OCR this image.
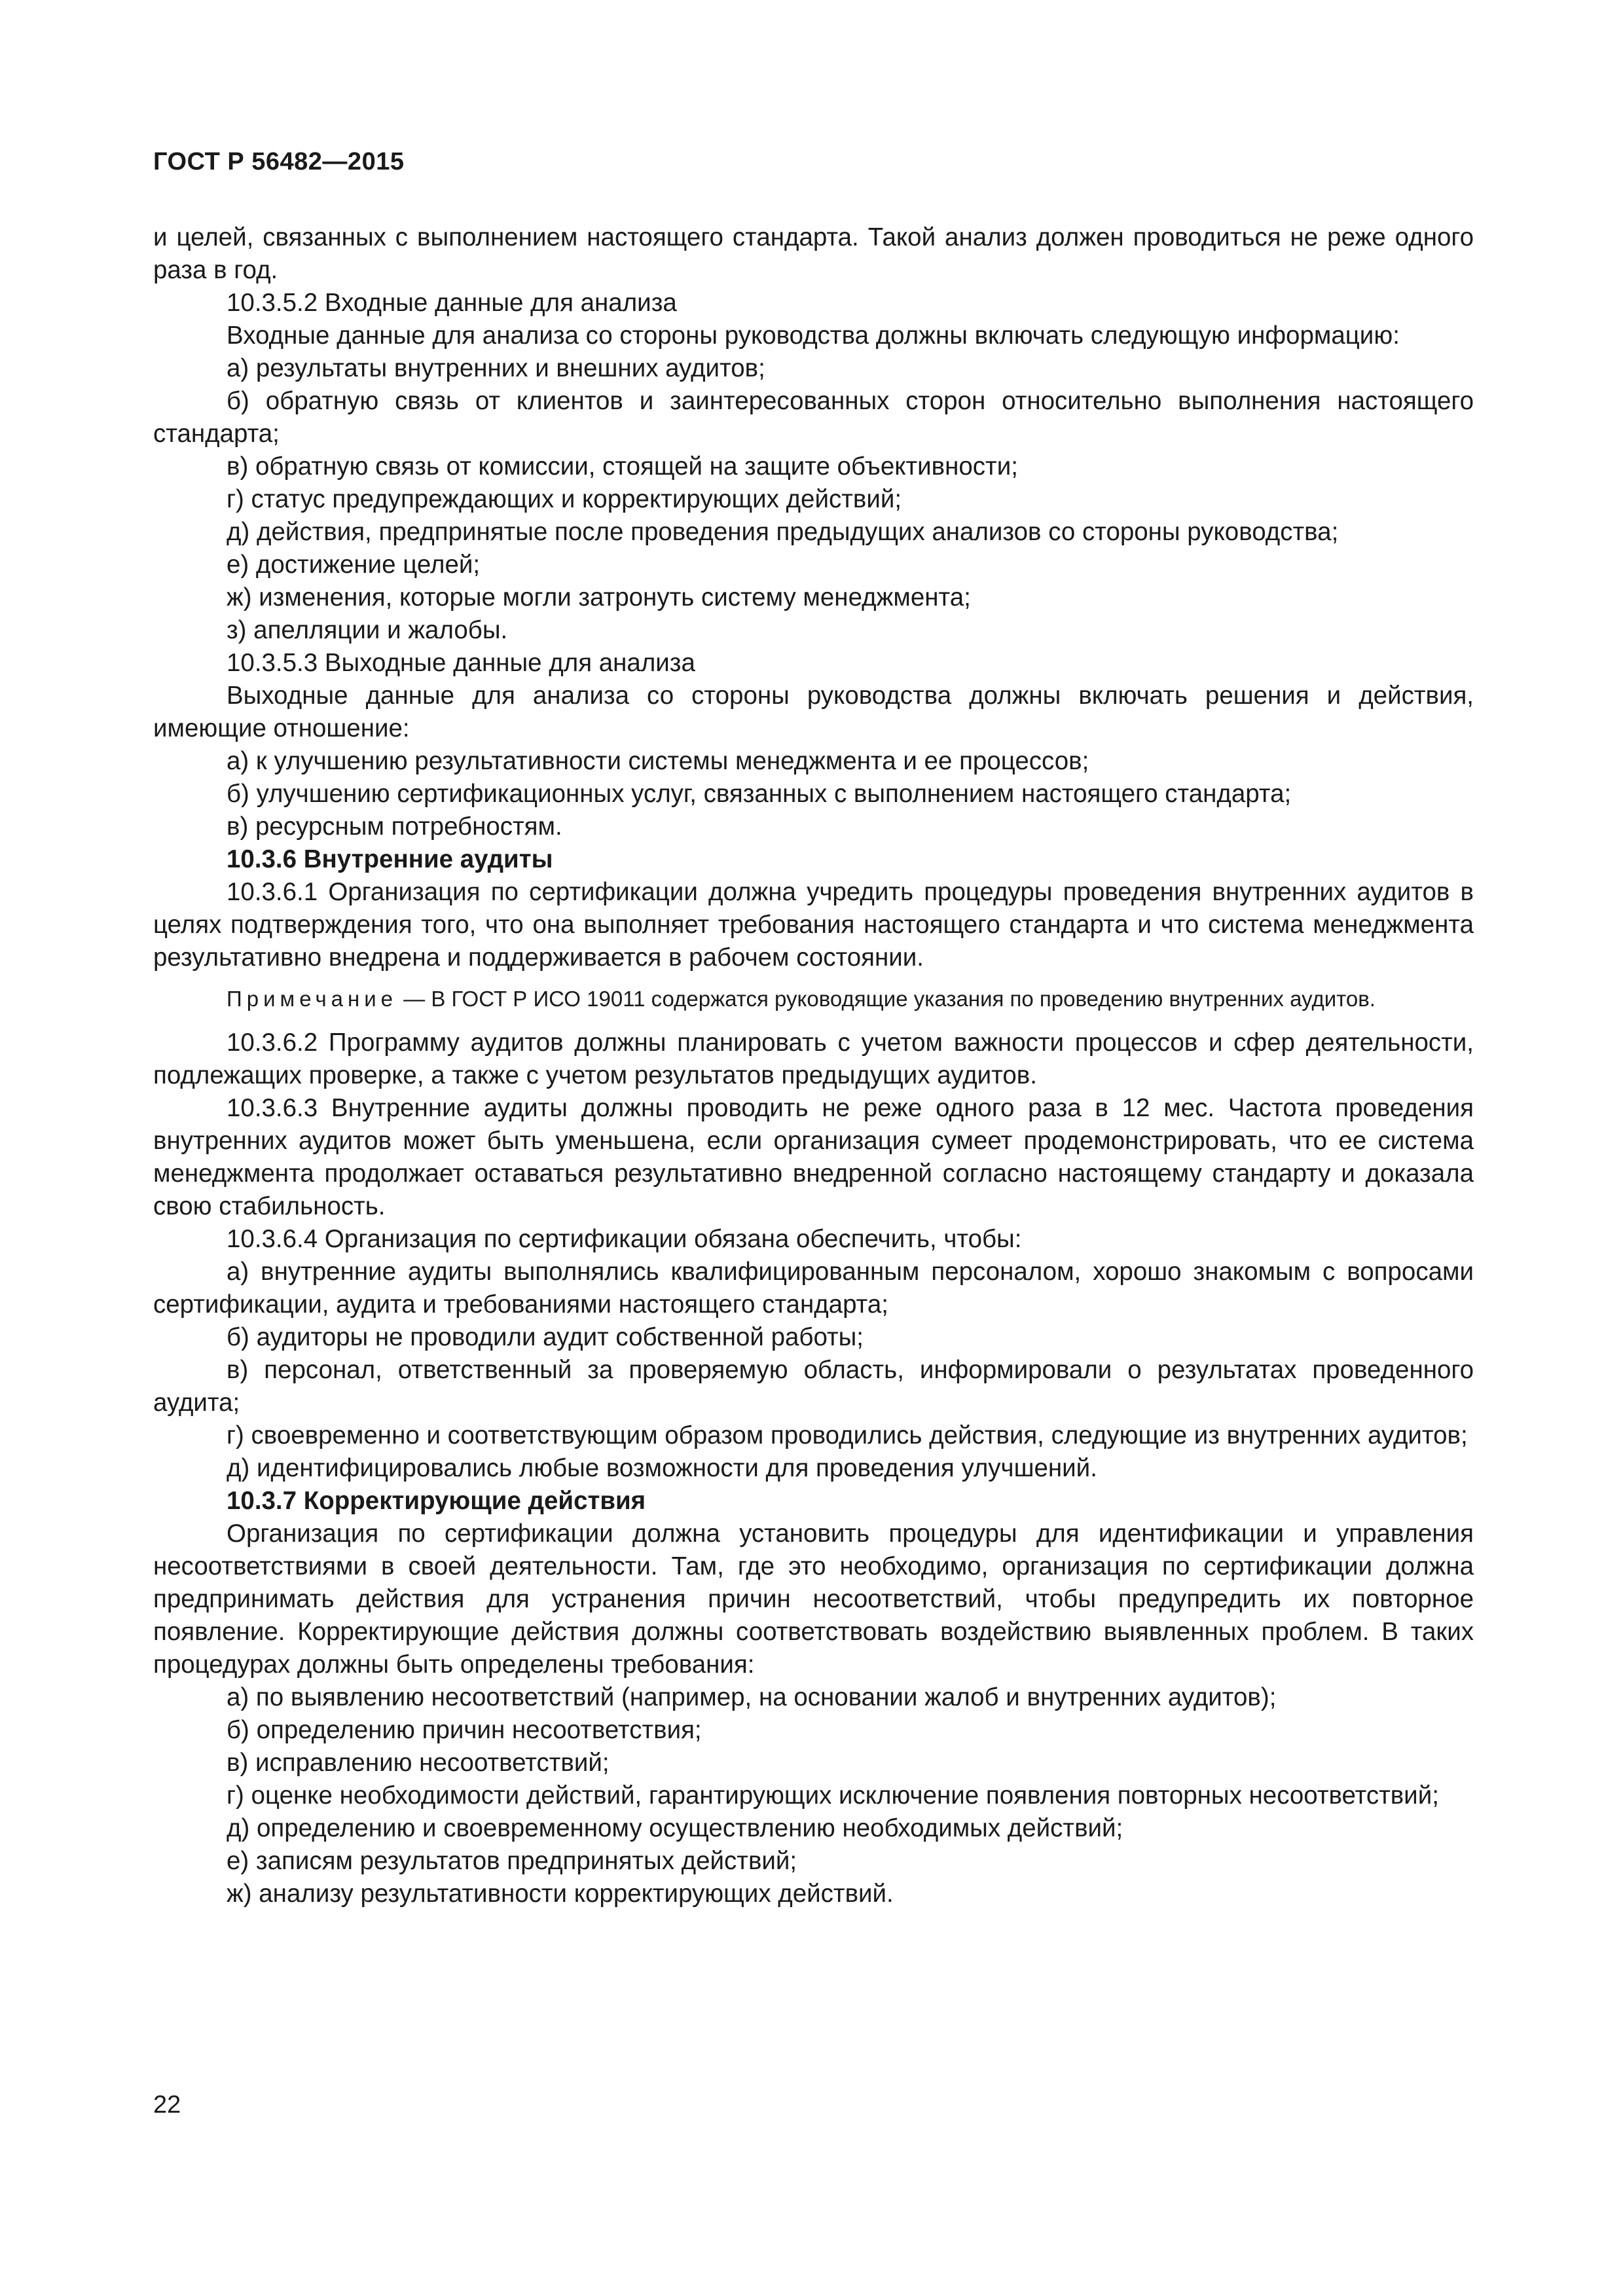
ГОСТ Р 56482—2015

и целей, связанных с выполнением настоящего стандарта. Такой анализ должен проводиться не реже одного раза в год.

10.3.5.2 Входные данные для анализа

Входные данные для анализа со стороны руководства должны включать следующую информацию:

а) результаты внутренних и внешних аудитов;

б) обратную связь от клиентов и заинтересованных сторон относительно выполнения настоящего стандарта;

в) обратную связь от комиссии, стоящей на защите объективности;

г) статус предупреждающих и корректирующих действий;

д) действия, предпринятые после проведения предыдущих анализов со стороны руководства;

е) достижение целей;

ж) изменения, которые могли затронуть систему менеджмента;

з) апелляции и жалобы.

10.3.5.3 Выходные данные для анализа

Выходные данные для анализа со стороны руководства должны включать решения и действия, имеющие отношение:

а) к улучшению результативности системы менеджмента и ее процессов;

б) улучшению сертификационных услуг, связанных с выполнением настоящего стандарта;

в) ресурсным потребностям.

10.3.6 Внутренние аудиты

10.3.6.1 Организация по сертификации должна учредить процедуры проведения внутренних аудитов в целях подтверждения того, что она выполняет требования настоящего стандарта и что система менеджмента результативно внедрена и поддерживается в рабочем состоянии.

Примечание — В ГОСТ Р ИСО 19011 содержатся руководящие указания по проведению внутренних аудитов.

10.3.6.2 Программу аудитов должны планировать с учетом важности процессов и сфер деятельности, подлежащих проверке, а также с учетом результатов предыдущих аудитов.

10.3.6.3 Внутренние аудиты должны проводить не реже одного раза в 12 мес. Частота проведения внутренних аудитов может быть уменьшена, если организация сумеет продемонстрировать, что ее система менеджмента продолжает оставаться результативно внедренной согласно настоящему стандарту и доказала свою стабильность.

10.3.6.4 Организация по сертификации обязана обеспечить, чтобы:

а) внутренние аудиты выполнялись квалифицированным персоналом, хорошо знакомым с вопросами сертификации, аудита и требованиями настоящего стандарта;

б) аудиторы не проводили аудит собственной работы;

в) персонал, ответственный за проверяемую область, информировали о результатах проведенного аудита;

г) своевременно и соответствующим образом проводились действия, следующие из внутренних аудитов;

д) идентифицировались любые возможности для проведения улучшений.

10.3.7 Корректирующие действия

Организация по сертификации должна установить процедуры для идентификации и управления несоответствиями в своей деятельности. Там, где это необходимо, организация по сертификации должна предпринимать действия для устранения причин несоответствий, чтобы предупредить их повторное появление. Корректирующие действия должны соответствовать воздействию выявленных проблем. В таких процедурах должны быть определены требования:

а) по выявлению несоответствий (например, на основании жалоб и внутренних аудитов);

б) определению причин несоответствия;

в) исправлению несоответствий;

г) оценке необходимости действий, гарантирующих исключение появления повторных несоответствий;

д) определению и своевременному осуществлению необходимых действий;

е) записям результатов предпринятых действий;

ж) анализу результативности корректирующих действий.

22
